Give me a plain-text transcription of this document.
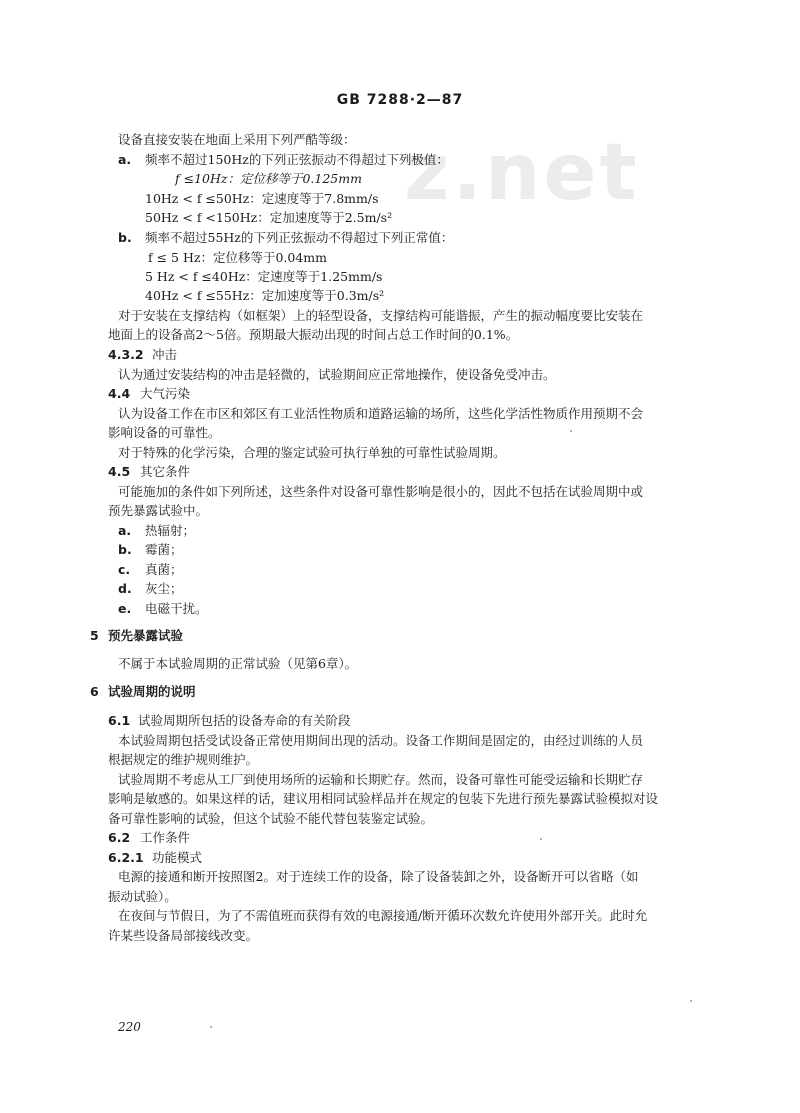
z.net
GB 7288·2—87
设备直接安装在地面上采用下列严酷等级：
a. 频率不超过150Hz的下列正弦振动不得超过下列极值：
f ≤10Hz：定位移等于0.125mm
10Hz < f ≤50Hz：定速度等于7.8mm/s
50Hz < f <150Hz：定加速度等于2.5m/s²
b. 频率不超过55Hz的下列正弦振动不得超过下列正常值：
f ≤ 5 Hz：定位移等于0.04mm
5 Hz < f ≤40Hz：定速度等于1.25mm/s
40Hz < f ≤55Hz：定加速度等于0.3m/s²
对于安装在支撑结构（如框架）上的轻型设备，支撑结构可能谐振，产生的振动幅度要比安装在
地面上的设备高2～5倍。预期最大振动出现的时间占总工作时间的0.1%。
4.3.2 冲击
认为通过安装结构的冲击是轻微的，试验期间应正常地操作，使设备免受冲击。
4.4 大气污染
认为设备工作在市区和郊区有工业活性物质和道路运输的场所，这些化学活性物质作用预期不会
影响设备的可靠性。
对于特殊的化学污染，合理的鉴定试验可执行单独的可靠性试验周期。
4.5 其它条件
可能施加的条件如下列所述，这些条件对设备可靠性影响是很小的，因此不包括在试验周期中或
预先暴露试验中。
a. 热辐射；
b. 霉菌；
c. 真菌；
d. 灰尘；
e. 电磁干扰。
5 预先暴露试验
不属于本试验周期的正常试验（见第6章）。
6 试验周期的说明
6.1 试验周期所包括的设备寿命的有关阶段
本试验周期包括受试设备正常使用期间出现的活动。设备工作期间是固定的，由经过训练的人员
根据规定的维护规则维护。
试验周期不考虑从工厂到使用场所的运输和长期贮存。然而，设备可靠性可能受运输和长期贮存
影响是敏感的。如果这样的话，建议用相同试验样品并在规定的包装下先进行预先暴露试验模拟对设
备可靠性影响的试验，但这个试验不能代替包装鉴定试验。
6.2 工作条件
6.2.1 功能模式
电源的接通和断开按照图2。对于连续工作的设备，除了设备装卸之外，设备断开可以省略（如
振动试验）。
在夜间与节假日，为了不需值班而获得有效的电源接通/断开循环次数允许使用外部开关。此时允
许某些设备局部接线改变。
220
